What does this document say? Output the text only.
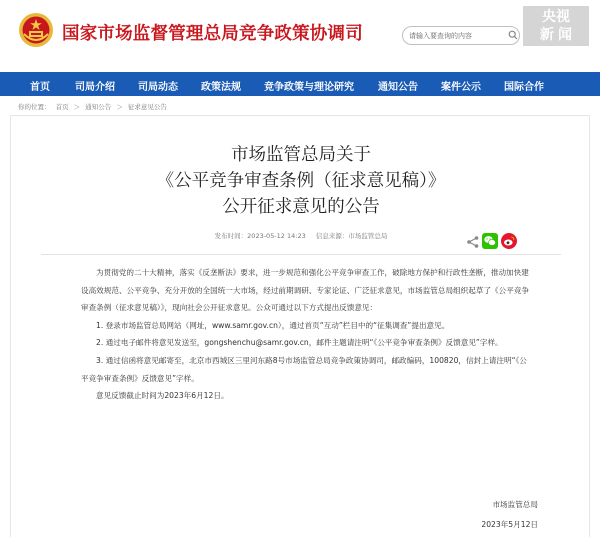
国家市场监督管理总局竞争政策协调司
请输入要查询的内容
央视
新 闻
首页	司局介绍 司局动态 政策法规 竞争政策与理论研究 通知公告 案件公示 国际合作
你的位置： 首页 ＞ 通知公告 ＞ 征求意见公告
市场监管总局关于
《公平竞争审查条例（征求意见稿）》
公开征求意见的公告
发布时间：2023-05-12 14:23 信息来源：市场监管总局

为贯彻党的二十大精神，落实《反垄断法》要求，进一步规范和强化公平竞争审查工作，破除地方保护和行政性垄断，推动加快建设高效规范、公平竞争、充分开放的全国统一大市场，经过前期调研、专家论证、广泛征求意见，市场监管总局组织起草了《公平竞争审查条例（征求意见稿）》，现向社会公开征求意见。公众可通过以下方式提出反馈意见：

1. 登录市场监管总局网站（网址，www.samr.gov.cn），通过首页“互动”栏目中的“征集调查”提出意见。

2. 通过电子邮件将意见发送至，gongshenchu@samr.gov.cn，邮件主题请注明“《公平竞争审查条例》反馈意见”字样。

3. 通过信函将意见邮寄至，北京市西城区三里河东路8号市场监管总局竞争政策协调司，邮政编码，100820，信封上请注明“《公平竞争审查条例》反馈意见”字样。

意见反馈截止时间为2023年6月12日。

市场监管总局
2023年5月12日
